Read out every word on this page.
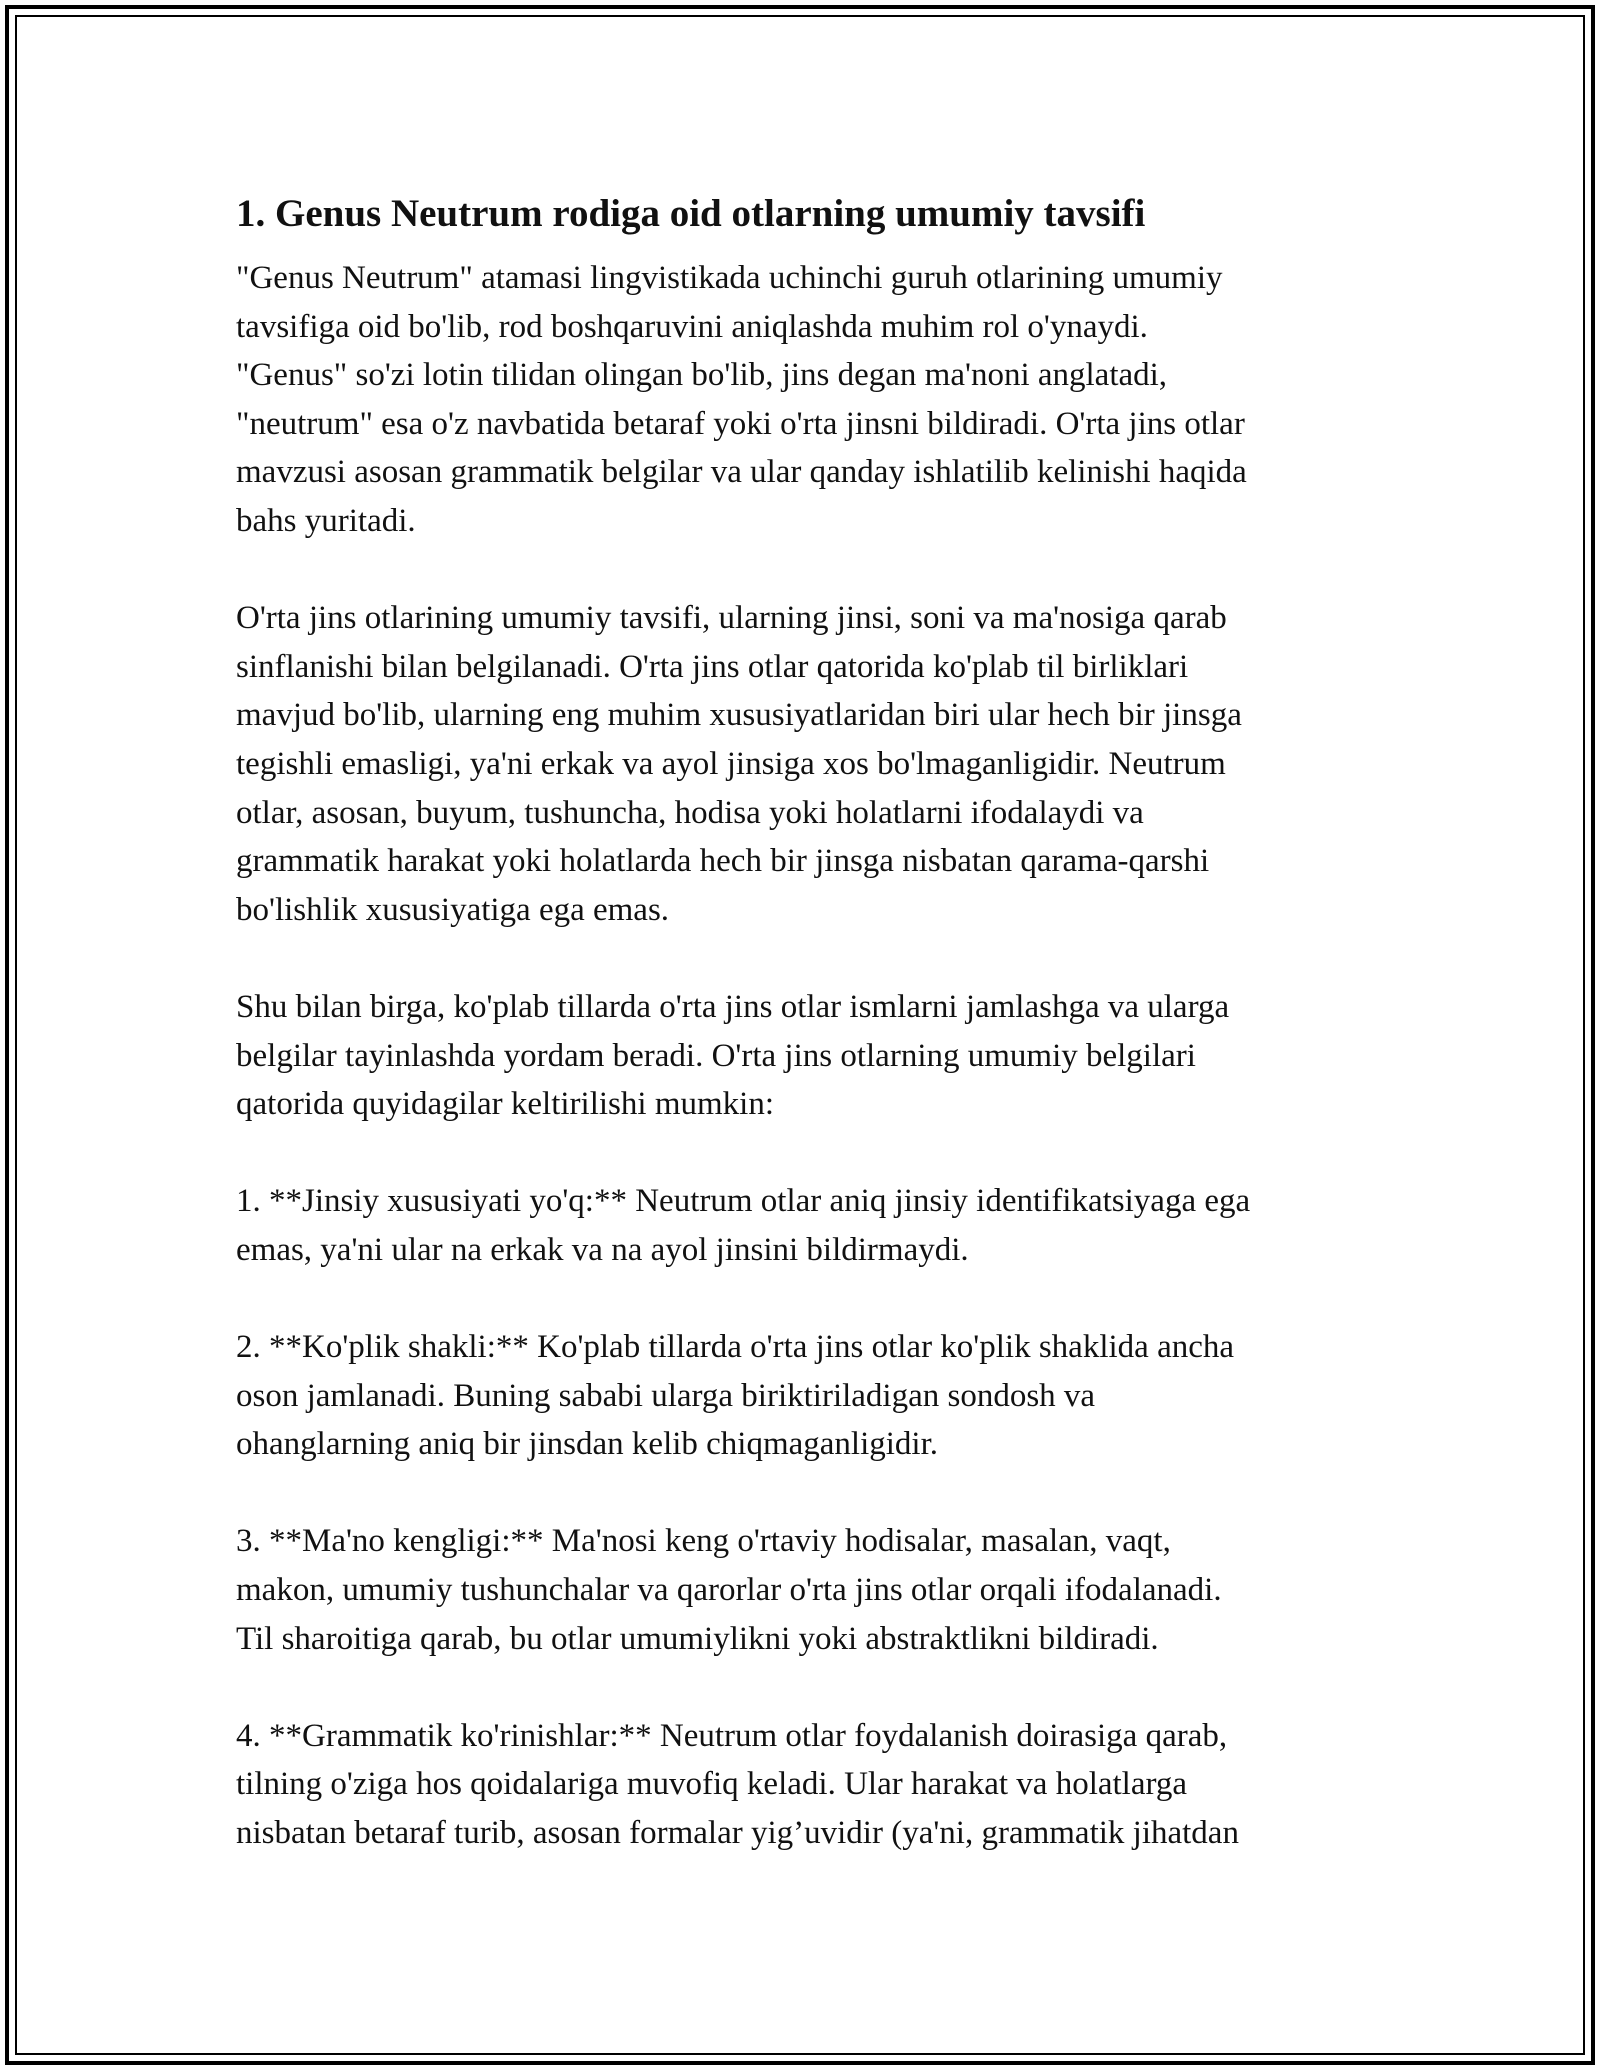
1. Genus Neutrum rodiga oid otlarning umumiy tavsifi
"Genus Neutrum" atamasi lingvistikada uchinchi guruh otlarining umumiy
tavsifiga oid bo'lib, rod boshqaruvini aniqlashda muhim rol o'ynaydi.
"Genus" so'zi lotin tilidan olingan bo'lib, jins degan ma'noni anglatadi,
"neutrum" esa o'z navbatida betaraf yoki o'rta jinsni bildiradi. O'rta jins otlar
mavzusi asosan grammatik belgilar va ular qanday ishlatilib kelinishi haqida
bahs yuritadi.
O'rta jins otlarining umumiy tavsifi, ularning jinsi, soni va ma'nosiga qarab
sinflanishi bilan belgilanadi. O'rta jins otlar qatorida ko'plab til birliklari
mavjud bo'lib, ularning eng muhim xususiyatlaridan biri ular hech bir jinsga
tegishli emasligi, ya'ni erkak va ayol jinsiga xos bo'lmaganligidir. Neutrum
otlar, asosan, buyum, tushuncha, hodisa yoki holatlarni ifodalaydi va
grammatik harakat yoki holatlarda hech bir jinsga nisbatan qarama-qarshi
bo'lishlik xususiyatiga ega emas.
Shu bilan birga, ko'plab tillarda o'rta jins otlar ismlarni jamlashga va ularga
belgilar tayinlashda yordam beradi. O'rta jins otlarning umumiy belgilari
qatorida quyidagilar keltirilishi mumkin:
1. **Jinsiy xususiyati yo'q:** Neutrum otlar aniq jinsiy identifikatsiyaga ega
emas, ya'ni ular na erkak va na ayol jinsini bildirmaydi.
2. **Ko'plik shakli:** Ko'plab tillarda o'rta jins otlar ko'plik shaklida ancha
oson jamlanadi. Buning sababi ularga biriktiriladigan sondosh va
ohanglarning aniq bir jinsdan kelib chiqmaganligidir.
3. **Ma'no kengligi:** Ma'nosi keng o'rtaviy hodisalar, masalan, vaqt,
makon, umumiy tushunchalar va qarorlar o'rta jins otlar orqali ifodalanadi.
Til sharoitiga qarab, bu otlar umumiylikni yoki abstraktlikni bildiradi.
4. **Grammatik ko'rinishlar:** Neutrum otlar foydalanish doirasiga qarab,
tilning o'ziga hos qoidalariga muvofiq keladi. Ular harakat va holatlarga
nisbatan betaraf turib, asosan formalar yig’uvidir (ya'ni, grammatik jihatdan
